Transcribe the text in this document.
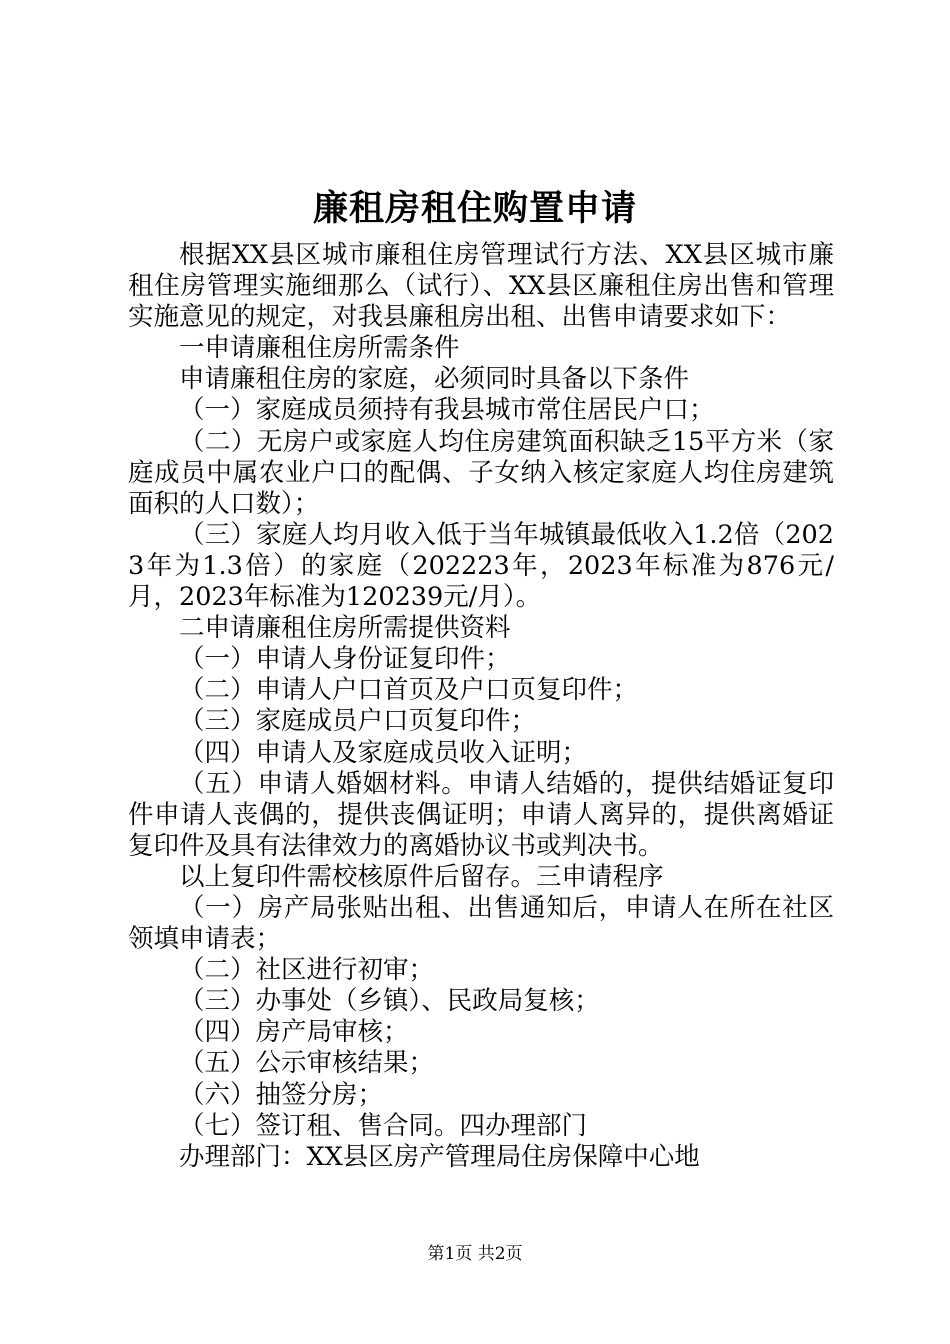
廉租房租住购置申请

根据XX县区城市廉租住房管理试行方法、XX县区城市廉租住房管理实施细那么（试行）、XX县区廉租住房出售和管理实施意见的规定，对我县廉租房出租、出售申请要求如下：

一申请廉租住房所需条件

申请廉租住房的家庭，必须同时具备以下条件

（一）家庭成员须持有我县城市常住居民户口；

（二）无房户或家庭人均住房建筑面积缺乏15平方米（家庭成员中属农业户口的配偶、子女纳入核定家庭人均住房建筑面积的人口数）；

（三）家庭人均月收入低于当年城镇最低收入1.2倍（2023年为1.3倍）的家庭（202223年，2023年标准为876元/月，2023年标准为120239元/月）。

二申请廉租住房所需提供资料

（一）申请人身份证复印件；

（二）申请人户口首页及户口页复印件；

（三）家庭成员户口页复印件；

（四）申请人及家庭成员收入证明；

（五）申请人婚姻材料。申请人结婚的，提供结婚证复印件申请人丧偶的，提供丧偶证明；申请人离异的，提供离婚证复印件及具有法律效力的离婚协议书或判决书。

以上复印件需校核原件后留存。三申请程序

（一）房产局张贴出租、出售通知后，申请人在所在社区领填申请表；

（二）社区进行初审；

（三）办事处（乡镇）、民政局复核；

（四）房产局审核；

（五）公示审核结果；

（六）抽签分房；

（七）签订租、售合同。四办理部门

办理部门：XX县区房产管理局住房保障中心地

第1页 共2页
